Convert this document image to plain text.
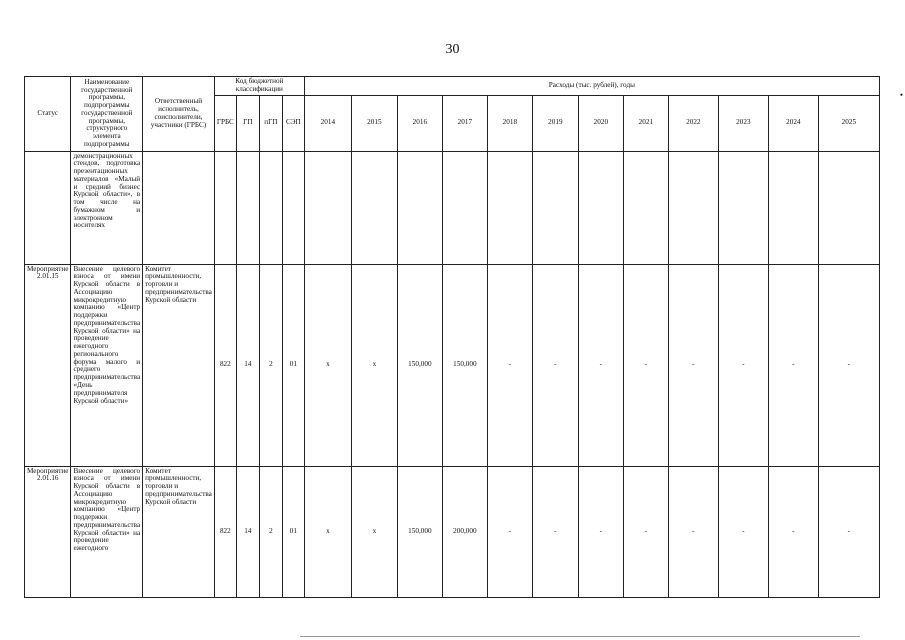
30
•
Статус	Наименование государственной программы, подпрограммы государственной программы, структурного элемента подпрограммы	Ответственный исполнитель, соисполнители, участники (ГРБС)	Код бюджетной классификации				Расходы (тыс. рублей), годы											
			ГРБС	ГП	пГП	СЭП	2014	2015	2016	2017	2018	2019	2020	2021	2022	2023	2024	2025
	демонстрационных стендов, подготовка презентационных материалов «Малый и средний бизнес Курской области», в том числе на бумажном и электронном носителях																	
Мероприятие 2.01.15	Внесение целевого взноса от имени Курской области в Ассоциацию микрокредитную компанию «Центр поддержки предпринимательства Курской области» на проведение ежегодного регионального форума малого и среднего предпринимательства «День предпринимателя Курской области»	Комитет промышленности, торговли и предпринимательства Курской области	822	14	2	01	х	х	150,000	150,000	-	-	-	-	-	-	-	-
Мероприятие 2.01.16	Внесение целевого взноса от имени Курской области в Ассоциацию микрокредитную компанию «Центр поддержки предпринимательства Курской области» на проведение ежегодного	Комитет промышленности, торговли и предпринимательства Курской области	822	14	2	01	х	х	150,000	200,000	-	-	-	-	-	-	-	-
